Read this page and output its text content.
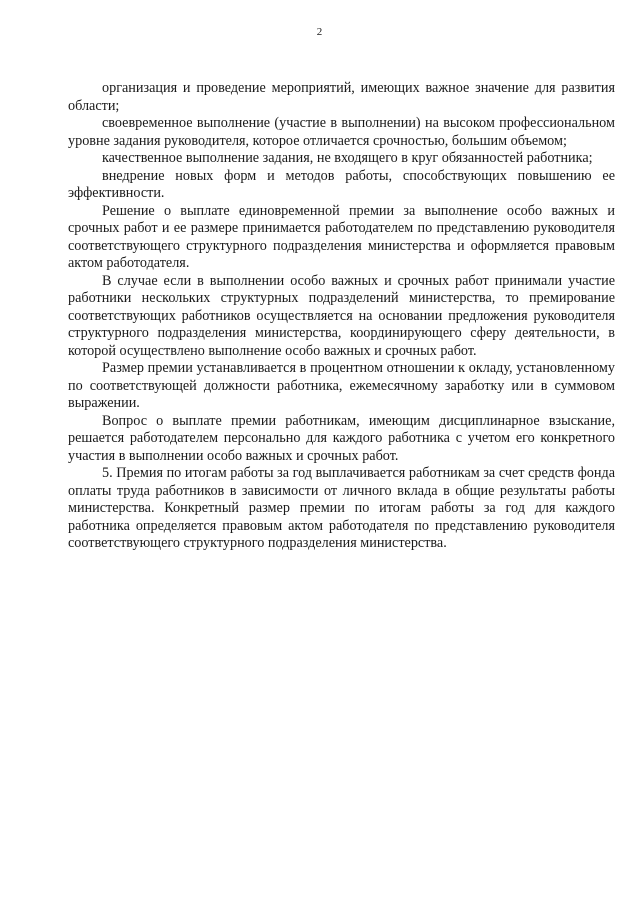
2

организация и проведение мероприятий, имеющих важное значение для развития области;

своевременное выполнение (участие в выполнении) на высоком профессиональном уровне задания руководителя, которое отличается срочностью, большим объемом;

качественное выполнение задания, не входящего в круг обязанностей работника;

внедрение новых форм и методов работы, способствующих повышению ее эффективности.

Решение о выплате единовременной премии за выполнение особо важных и срочных работ и ее размере принимается работодателем по представлению руководителя соответствующего структурного подразделения министерства и оформляется правовым актом работодателя.

В случае если в выполнении особо важных и срочных работ принимали участие работники нескольких структурных подразделений министерства, то премирование соответствующих работников осуществляется на основании предложения руководителя структурного подразделения министерства, координирующего сферу деятельности, в которой осуществлено выполнение особо важных и срочных работ.

Размер премии устанавливается в процентном отношении к окладу, установленному по соответствующей должности работника, ежемесячному заработку или в суммовом выражении.

Вопрос о выплате премии работникам, имеющим дисциплинарное взыскание, решается работодателем персонально для каждого работника с учетом его конкретного участия в выполнении особо важных и срочных работ.

5. Премия по итогам работы за год выплачивается работникам за счет средств фонда оплаты труда работников в зависимости от личного вклада в общие результаты работы министерства. Конкретный размер премии по итогам работы за год для каждого работника определяется правовым актом работодателя по представлению руководителя соответствующего структурного подразделения министерства.
